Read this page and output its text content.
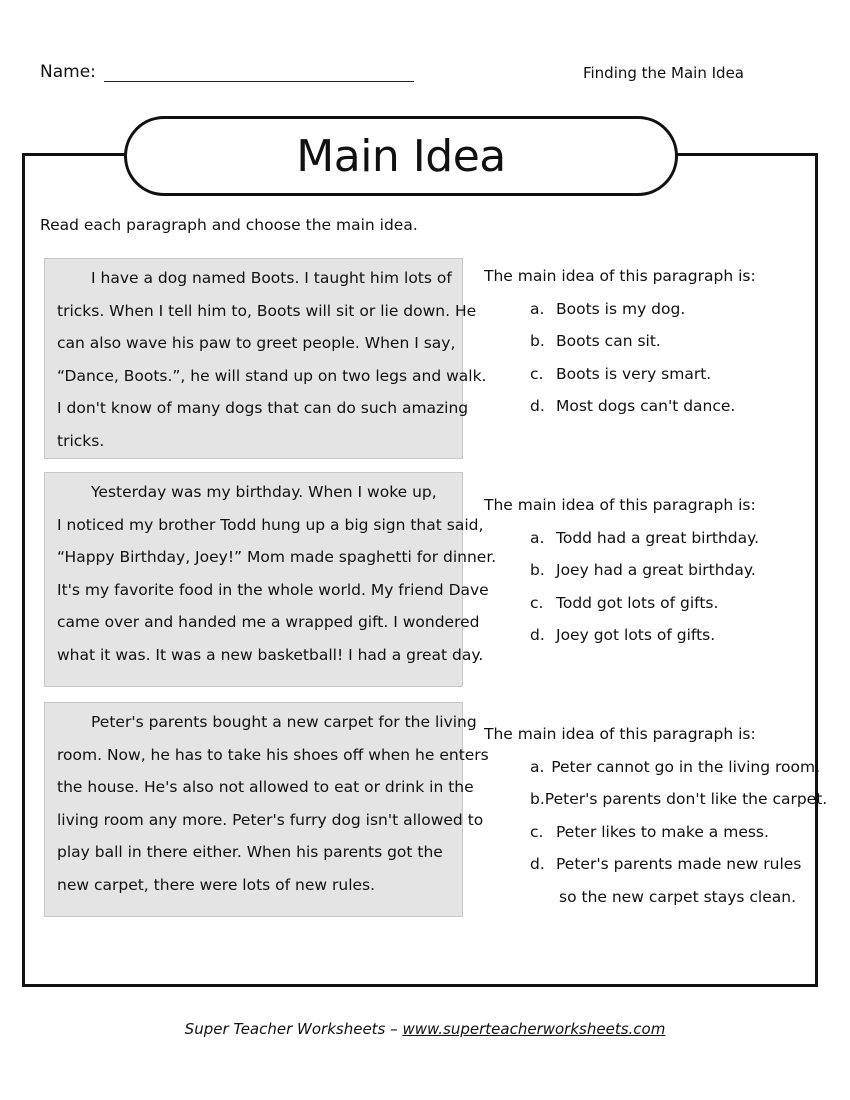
Name:	Finding the Main Idea
Main Idea
Read each paragraph and choose the main idea.
I have a dog named Boots. I taught him lots of
tricks. When I tell him to, Boots will sit or lie down. He
can also wave his paw to greet people. When I say,
“Dance, Boots.”, he will stand up on two legs and walk.
I don't know of many dogs that can do such amazing
tricks.
The main idea of this paragraph is:
a. Boots is my dog.
b. Boots can sit.
c. Boots is very smart.
d. Most dogs can't dance.
Yesterday was my birthday. When I woke up,
I noticed my brother Todd hung up a big sign that said,
“Happy Birthday, Joey!” Mom made spaghetti for dinner.
It's my favorite food in the whole world. My friend Dave
came over and handed me a wrapped gift. I wondered
what it was. It was a new basketball! I had a great day.
The main idea of this paragraph is:
a. Todd had a great birthday.
b. Joey had a great birthday.
c. Todd got lots of gifts.
d. Joey got lots of gifts.
Peter's parents bought a new carpet for the living
room. Now, he has to take his shoes off when he enters
the house. He's also not allowed to eat or drink in the
living room any more. Peter's furry dog isn't allowed to
play ball in there either. When his parents got the
new carpet, there were lots of new rules.
The main idea of this paragraph is:
a. Peter cannot go in the living room.
b. Peter's parents don't like the carpet.
c. Peter likes to make a mess.
d. Peter's parents made new rules
so the new carpet stays clean.
Super Teacher Worksheets – www.superteacherworksheets.com
